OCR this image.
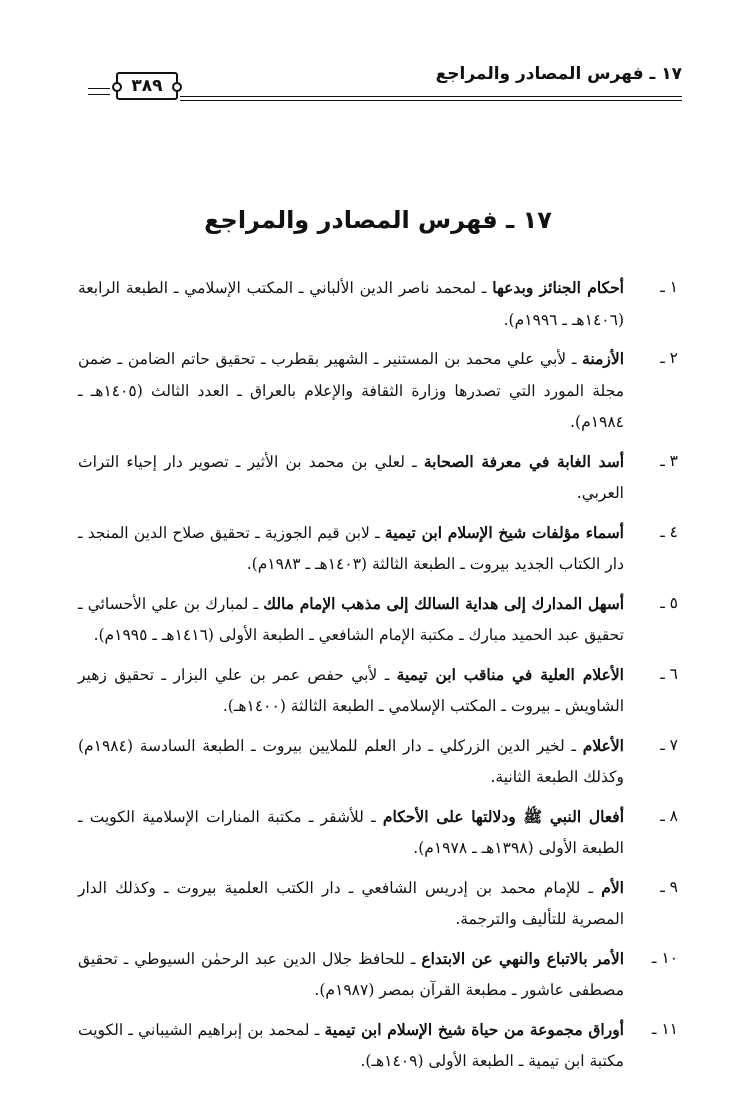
١٧ ـ فهرس المصادر والمراجع
٣٨٩
١٧ ـ فهرس المصادر والمراجع
١ ـ
أحكام الجنائز وبدعها ـ لمحمد ناصر الدين الألباني ـ المكتب الإسلامي ـ الطبعة الرابعة (١٤٠٦هـ ـ ١٩٩٦م).
٢ ـ
الأزمنة ـ لأبي علي محمد بن المستنير ـ الشهير بقطرب ـ تحقيق حاتم الضامن ـ ضمن مجلة المورد التي تصدرها وزارة الثقافة والإعلام بالعراق ـ العدد الثالث (١٤٠٥هـ ـ ١٩٨٤م).
٣ ـ
أسد الغابة في معرفة الصحابة ـ لعلي بن محمد بن الأثير ـ تصوير دار إحياء التراث العربي.
٤ ـ
أسماء مؤلفات شيخ الإسلام ابن تيمية ـ لابن قيم الجوزية ـ تحقيق صلاح الدين المنجد ـ دار الكتاب الجديد بيروت ـ الطبعة الثالثة (١٤٠٣هـ ـ ١٩٨٣م).
٥ ـ
أسهل المدارك إلى هداية السالك إلى مذهب الإمام مالك ـ لمبارك بن علي الأحسائي ـ تحقيق عبد الحميد مبارك ـ مكتبة الإمام الشافعي ـ الطبعة الأولى (١٤١٦هـ ـ ١٩٩٥م).
٦ ـ
الأعلام العلية في مناقب ابن تيمية ـ لأبي حفص عمر بن علي البزار ـ تحقيق زهير الشاويش ـ بيروت ـ المكتب الإسلامي ـ الطبعة الثالثة (١٤٠٠هـ).
٧ ـ
الأعلام ـ لخير الدين الزركلي ـ دار العلم للملايين بيروت ـ الطبعة السادسة (١٩٨٤م) وكذلك الطبعة الثانية.
٨ ـ
أفعال النبي ﷺ ودلالتها على الأحكام ـ للأشقر ـ مكتبة المنارات الإسلامية الكويت ـ الطبعة الأولى (١٣٩٨هـ ـ ١٩٧٨م).
٩ ـ
الأم ـ للإمام محمد بن إدريس الشافعي ـ دار الكتب العلمية بيروت ـ وكذلك الدار المصرية للتأليف والترجمة.
١٠ ـ
الأمر بالاتباع والنهي عن الابتداع ـ للحافظ جلال الدين عبد الرحمٰن السيوطي ـ تحقيق مصطفى عاشور ـ مطبعة القرآن بمصر (١٩٨٧م).
١١ ـ
أوراق مجموعة من حياة شيخ الإسلام ابن تيمية ـ لمحمد بن إبراهيم الشيباني ـ الكويت مكتبة ابن تيمية ـ الطبعة الأولى (١٤٠٩هـ).
